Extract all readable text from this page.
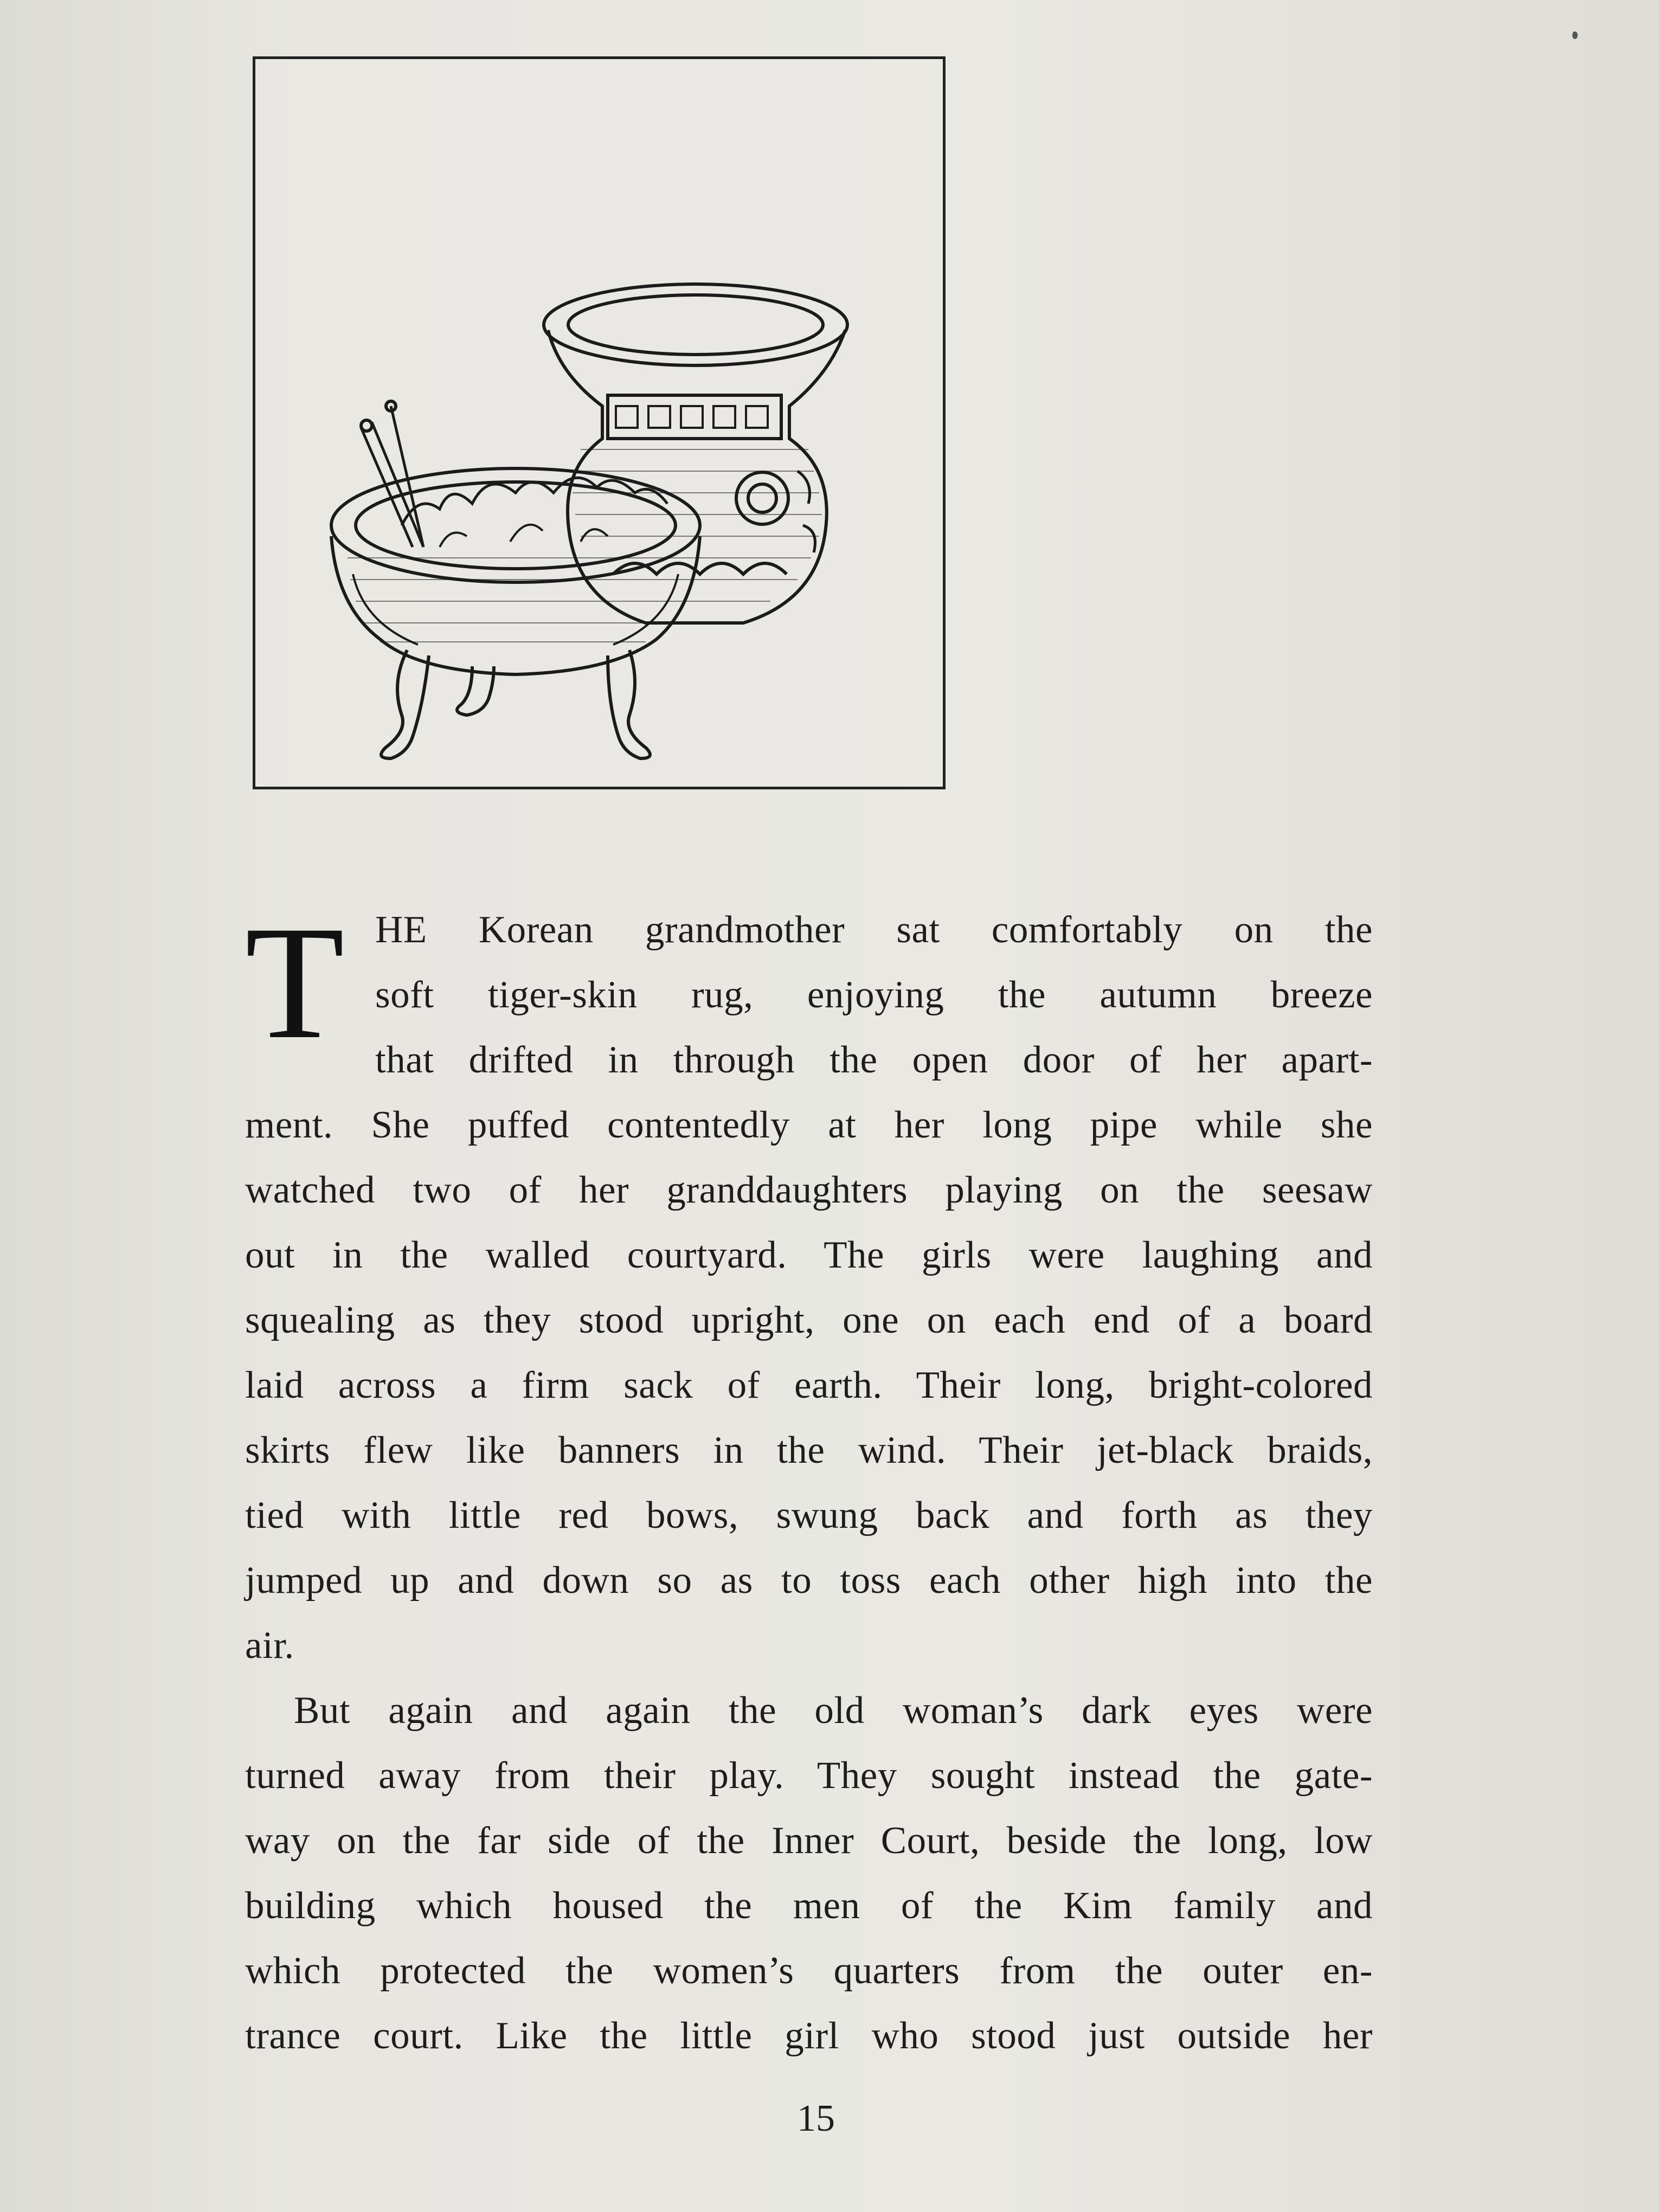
T HE Korean grandmother sat comfortably on the
soft tiger-skin rug, enjoying the autumn breeze
that drifted in through the open door of her apart-
ment. She puffed contentedly at her long pipe while she
watched two of her granddaughters playing on the seesaw
out in the walled courtyard. The girls were laughing and
squealing as they stood upright, one on each end of a board
laid across a firm sack of earth. Their long, bright-colored
skirts flew like banners in the wind. Their jet-black braids,
tied with little red bows, swung back and forth as they
jumped up and down so as to toss each other high into the
air.
But again and again the old woman’s dark eyes were
turned away from their play. They sought instead the gate-
way on the far side of the Inner Court, beside the long, low
building which housed the men of the Kim family and
which protected the women’s quarters from the outer en-
trance court. Like the little girl who stood just outside her
15
